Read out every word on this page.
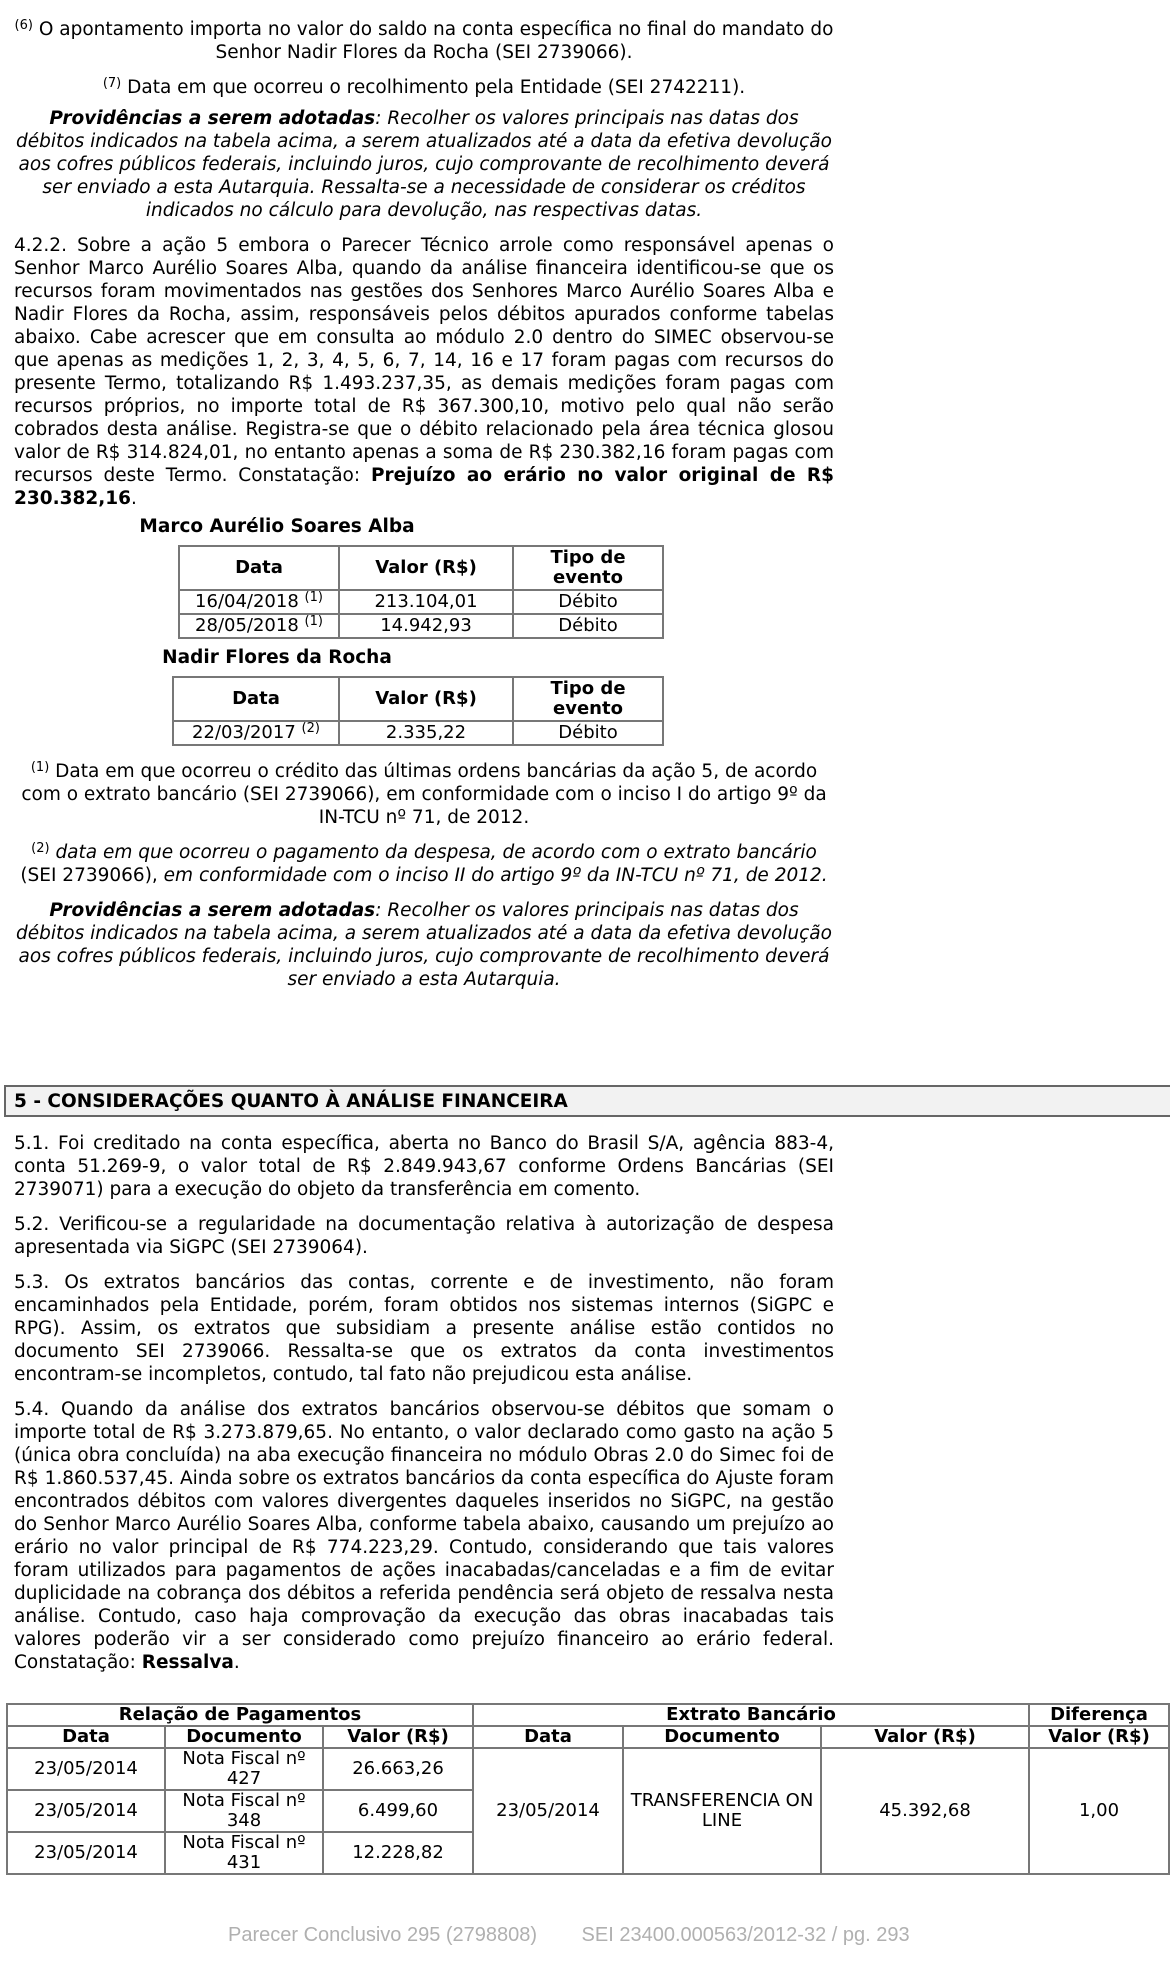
$^{(6)}$ O apontamento importa no valor do saldo na conta específica no final do mandato do Senhor Nadir Flores da Rocha (SEI 2739066).

$^{(7)}$ Data em que ocorreu o recolhimento pela Entidade (SEI 2742211).

Providências a serem adotadas: Recolher os valores principais nas datas dos débitos indicados na tabela acima, a serem atualizados até a data da efetiva devolução aos cofres públicos federais, incluindo juros, cujo comprovante de recolhimento deverá ser enviado a esta Autarquia. Ressalta-se a necessidade de considerar os créditos indicados no cálculo para devolução, nas respectivas datas.

4.2.2. Sobre a ação 5 embora o Parecer Técnico arrole como responsável apenas o Senhor Marco Aurélio Soares Alba, quando da análise financeira identificou-se que os recursos foram movimentados nas gestões dos Senhores Marco Aurélio Soares Alba e Nadir Flores da Rocha, assim, responsáveis pelos débitos apurados conforme tabelas abaixo. Cabe acrescer que em consulta ao módulo 2.0 dentro do SIMEC observou-se que apenas as medições 1, 2, 3, 4, 5, 6, 7, 14, 16 e 17 foram pagas com recursos do presente Termo, totalizando R$ 1.493.237,35, as demais medições foram pagas com recursos próprios, no importe total de R$ 367.300,10, motivo pelo qual não serão cobrados desta análise. Registra-se que o débito relacionado pela área técnica glosou valor de R$ 314.824,01, no entanto apenas a soma de R$ 230.382,16 foram pagas com recursos deste Termo. Constatação: Prejuízo ao erário no valor original de R$ 230.382,16.

Marco Aurélio Soares Alba
Data	Valor (R$)	Tipo de evento
16/04/2018 $^{(1)}$	213.104,01	Débito
28/05/2018 $^{(1)}$	14.942,93	Débito
Nadir Flores da Rocha
Data	Valor (R$)	Tipo de evento
22/03/2017 $^{(2)}$	2.335,22	Débito

$^{(1)}$ Data em que ocorreu o crédito das últimas ordens bancárias da ação 5, de acordo com o extrato bancário (SEI 2739066), em conformidade com o inciso I do artigo 9º da IN-TCU nº 71, de 2012.

$^{(2)}$ data em que ocorreu o pagamento da despesa, de acordo com o extrato bancário (SEI 2739066), em conformidade com o inciso II do artigo 9º da IN-TCU nº 71, de 2012.

Providências a serem adotadas: Recolher os valores principais nas datas dos débitos indicados na tabela acima, a serem atualizados até a data da efetiva devolução aos cofres públicos federais, incluindo juros, cujo comprovante de recolhimento deverá ser enviado a esta Autarquia.

5 - CONSIDERAÇÕES QUANTO À ANÁLISE FINANCEIRA

5.1. Foi creditado na conta específica, aberta no Banco do Brasil S/A, agência 883-4, conta 51.269-9, o valor total de R$ 2.849.943,67 conforme Ordens Bancárias (SEI 2739071) para a execução do objeto da transferência em comento.

5.2. Verificou-se a regularidade na documentação relativa à autorização de despesa apresentada via SiGPC (SEI 2739064).

5.3. Os extratos bancários das contas, corrente e de investimento, não foram encaminhados pela Entidade, porém, foram obtidos nos sistemas internos (SiGPC e RPG). Assim, os extratos que subsidiam a presente análise estão contidos no documento SEI 2739066. Ressalta-se que os extratos da conta investimentos encontram-se incompletos, contudo, tal fato não prejudicou esta análise.

5.4. Quando da análise dos extratos bancários observou-se débitos que somam o importe total de R$ 3.273.879,65. No entanto, o valor declarado como gasto na ação 5 (única obra concluída) na aba execução financeira no módulo Obras 2.0 do Simec foi de R$ 1.860.537,45. Ainda sobre os extratos bancários da conta específica do Ajuste foram encontrados débitos com valores divergentes daqueles inseridos no SiGPC, na gestão do Senhor Marco Aurélio Soares Alba, conforme tabela abaixo, causando um prejuízo ao erário no valor principal de R$ 774.223,29. Contudo, considerando que tais valores foram utilizados para pagamentos de ações inacabadas/canceladas e a fim de evitar duplicidade na cobrança dos débitos a referida pendência será objeto de ressalva nesta análise. Contudo, caso haja comprovação da execução das obras inacabadas tais valores poderão vir a ser considerado como prejuízo financeiro ao erário federal. Constatação: Ressalva.

Relação de Pagamentos			Extrato Bancário			Diferença
Data	Documento	Valor (R$)	Data	Documento	Valor (R$)	Valor (R$)
23/05/2014	Nota Fiscal nº 427	26.663,26	23/05/2014	TRANSFERENCIA ON LINE	45.392,68	1,00
23/05/2014	Nota Fiscal nº 348	6.499,60				
23/05/2014	Nota Fiscal nº 431	12.228,82				
Parecer Conclusivo 295 (2798808) SEI 23400.000563/2012-32 / pg. 293
